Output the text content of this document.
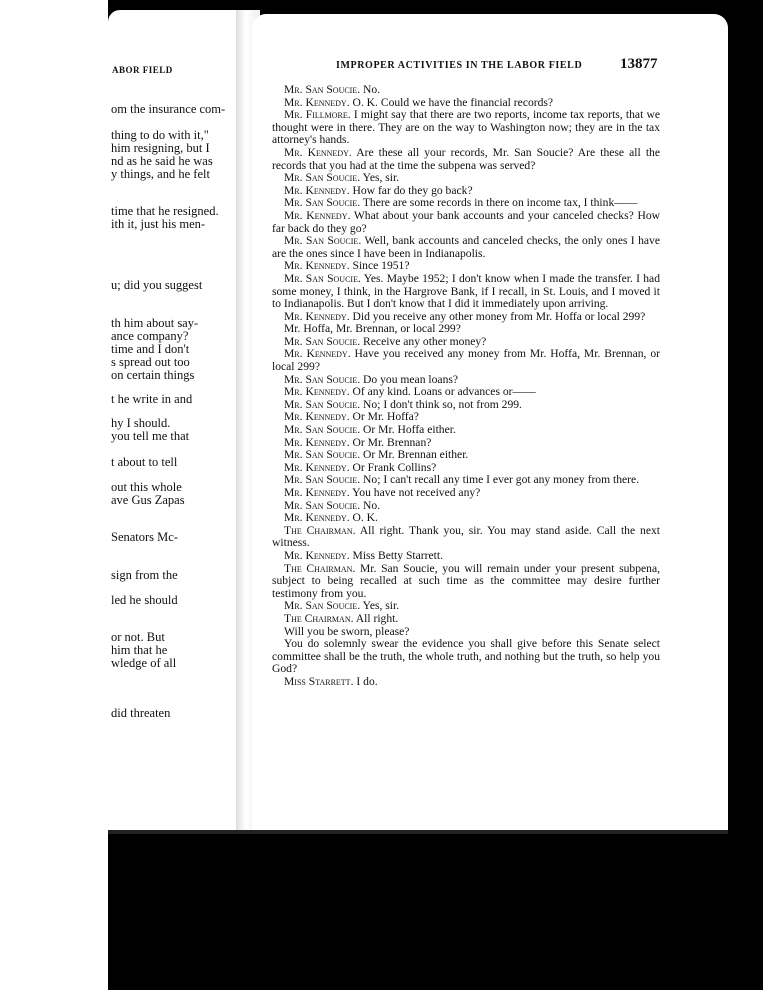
ABOR FIELD
om the insurance com-
thing to do with it,"
him resigning, but I
nd as he said he was
y things, and he felt
time that he resigned.
ith it, just his men-
u; did you suggest
th him about say-
ance company?
time and I don't
s spread out too
on certain things
t he write in and
hy I should.
you tell me that
t about to tell
out this whole
ave Gus Zapas
Senators Mc-
sign from the
led he should
or not. But
him that he
wledge of all
did threaten
IMPROPER ACTIVITIES IN THE LABOR FIELD	13877

Mr. San Soucie. No.

Mr. Kennedy. O. K. Could we have the financial records?

Mr. Fillmore. I might say that there are two reports, income tax reports, that we thought were in there. They are on the way to Washington now; they are in the tax attorney's hands.

Mr. Kennedy. Are these all your records, Mr. San Soucie? Are these all the records that you had at the time the subpena was served?

Mr. San Soucie. Yes, sir.

Mr. Kennedy. How far do they go back?

Mr. San Soucie. There are some records in there on income tax, I think——

Mr. Kennedy. What about your bank accounts and your canceled checks? How far back do they go?

Mr. San Soucie. Well, bank accounts and canceled checks, the only ones I have are the ones since I have been in Indianapolis.

Mr. Kennedy. Since 1951?

Mr. San Soucie. Yes. Maybe 1952; I don't know when I made the transfer. I had some money, I think, in the Hargrove Bank, if I recall, in St. Louis, and I moved it to Indianapolis. But I don't know that I did it immediately upon arriving.

Mr. Kennedy. Did you receive any other money from Mr. Hoffa or local 299?

Mr. Hoffa, Mr. Brennan, or local 299?

Mr. San Soucie. Receive any other money?

Mr. Kennedy. Have you received any money from Mr. Hoffa, Mr. Brennan, or local 299?

Mr. San Soucie. Do you mean loans?

Mr. Kennedy. Of any kind. Loans or advances or——

Mr. San Soucie. No; I don't think so, not from 299.

Mr. Kennedy. Or Mr. Hoffa?

Mr. San Soucie. Or Mr. Hoffa either.

Mr. Kennedy. Or Mr. Brennan?

Mr. San Soucie. Or Mr. Brennan either.

Mr. Kennedy. Or Frank Collins?

Mr. San Soucie. No; I can't recall any time I ever got any money from there.

Mr. Kennedy. You have not received any?

Mr. San Soucie. No.

Mr. Kennedy. O. K.

The Chairman. All right. Thank you, sir. You may stand aside. Call the next witness.

Mr. Kennedy. Miss Betty Starrett.

The Chairman. Mr. San Soucie, you will remain under your present subpena, subject to being recalled at such time as the committee may desire further testimony from you.

Mr. San Soucie. Yes, sir.

The Chairman. All right.

Will you be sworn, please?

You do solemnly swear the evidence you shall give before this Senate select committee shall be the truth, the whole truth, and nothing but the truth, so help you God?

Miss Starrett. I do.
